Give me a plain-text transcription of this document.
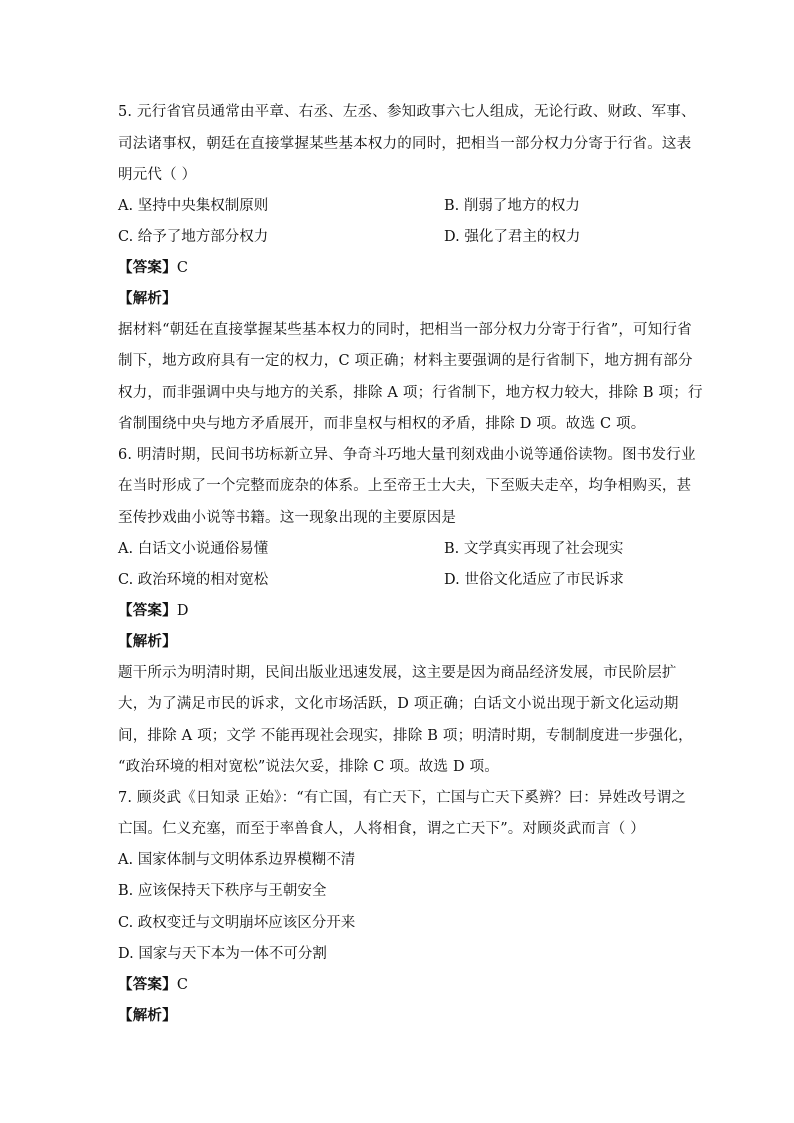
5. 元行省官员通常由平章、右丞、左丞、参知政事六七人组成，无论行政、财政、军事、
司法诸事权，朝廷在直接掌握某些基本权力的同时，把相当一部分权力分寄于行省。这表
明元代（ ）
A. 坚持中央集权制原则	B. 削弱了地方的权力
C. 给予了地方部分权力	D. 强化了君主的权力
【答案】C
【解析】
据材料“朝廷在直接掌握某些基本权力的同时，把相当一部分权力分寄于行省”，可知行省
制下，地方政府具有一定的权力，C 项正确；材料主要强调的是行省制下，地方拥有部分
权力，而非强调中央与地方的关系，排除 A 项；行省制下，地方权力较大，排除 B 项；行
省制围绕中央与地方矛盾展开，而非皇权与相权的矛盾，排除 D 项。故选 C 项。
6. 明清时期，民间书坊标新立异、争奇斗巧地大量刊刻戏曲小说等通俗读物。图书发行业
在当时形成了一个完整而庞杂的体系。上至帝王士大夫，下至贩夫走卒，均争相购买，甚
至传抄戏曲小说等书籍。这一现象出现的主要原因是
A. 白话文小说通俗易懂	B. 文学真实再现了社会现实
C. 政治环境的相对宽松	D. 世俗文化适应了市民诉求
【答案】D
【解析】
题干所示为明清时期，民间出版业迅速发展，这主要是因为商品经济发展，市民阶层扩
大，为了满足市民的诉求，文化市场活跃，D 项正确；白话文小说出现于新文化运动期
间，排除 A 项；文学 不能再现社会现实，排除 B 项；明清时期，专制制度进一步强化，
“政治环境的相对宽松”说法欠妥，排除 C 项。故选 D 项。
7. 顾炎武《日知录 正始》：“有亡国，有亡天下，亡国与亡天下奚辨？曰：异姓改号谓之
亡国。仁义充塞，而至于率兽食人，人将相食，谓之亡天下”。对顾炎武而言（ ）
A. 国家体制与文明体系边界模糊不清
B. 应该保持天下秩序与王朝安全
C. 政权变迁与文明崩坏应该区分开来
D. 国家与天下本为一体不可分割
【答案】C
【解析】
